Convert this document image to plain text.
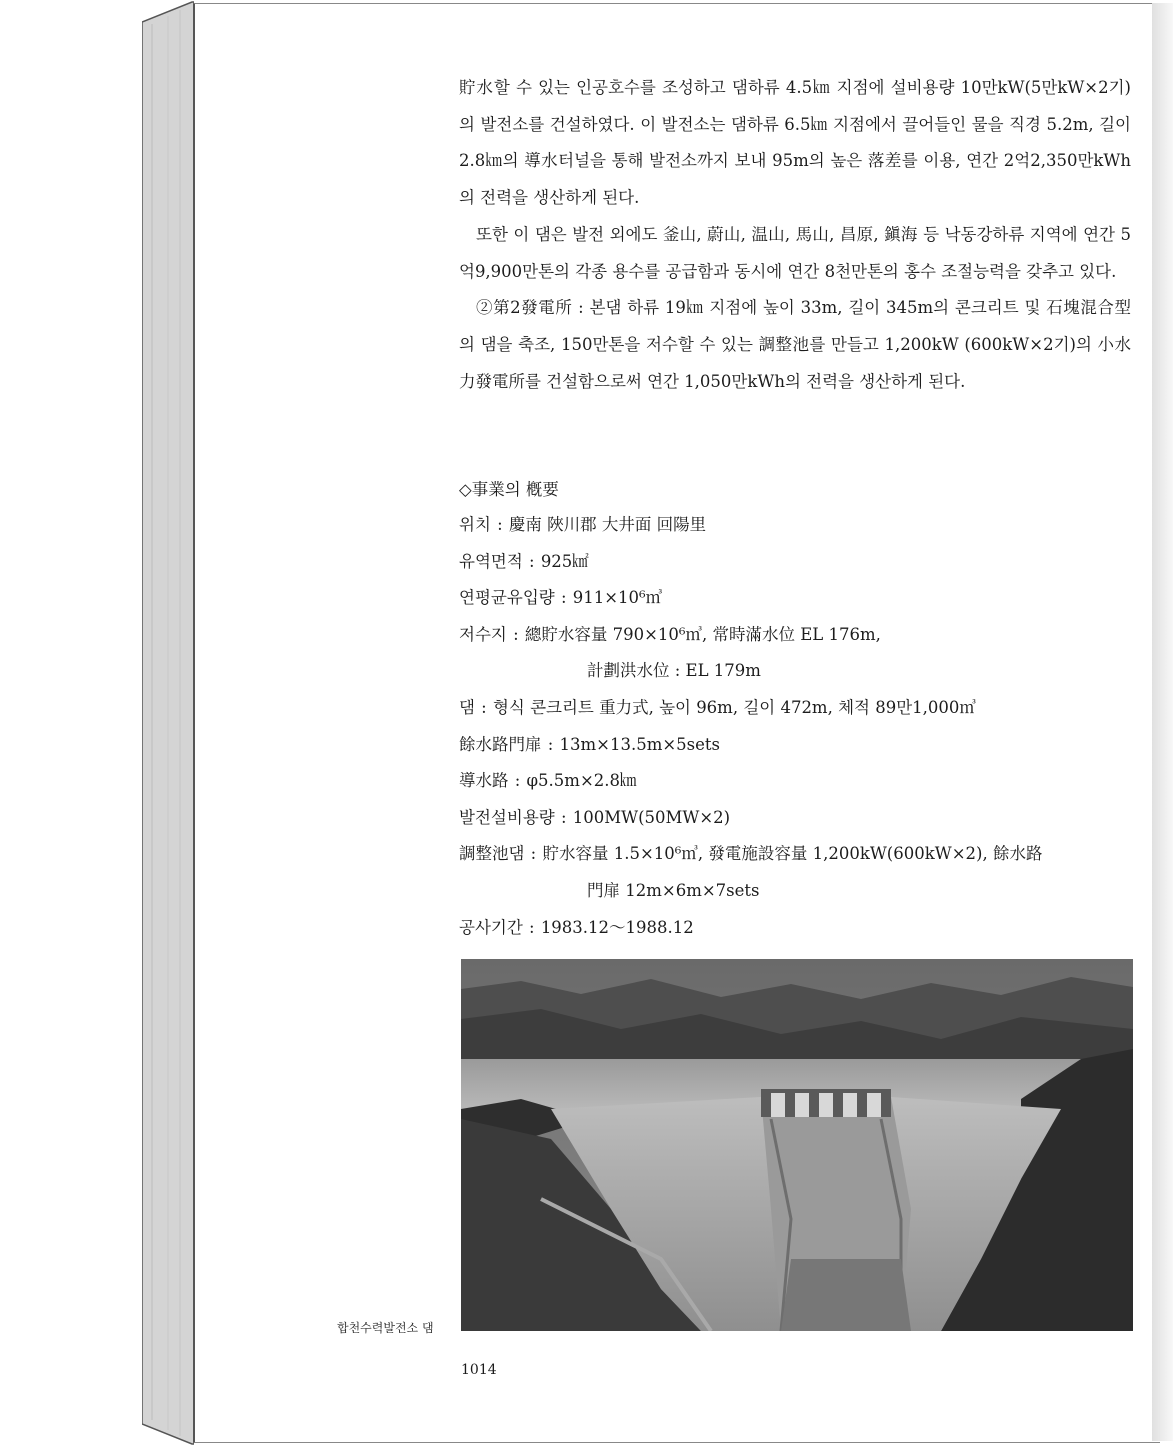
貯水할 수 있는 인공호수를 조성하고 댐하류 4.5㎞ 지점에 설비용량 10만kW(5만kW×2기)의 발전소를 건설하였다. 이 발전소는 댐하류 6.5㎞ 지점에서 끌어들인 물을 직경 5.2m, 길이 2.8㎞의 導水터널을 통해 발전소까지 보내 95m의 높은 落差를 이용, 연간 2억2,350만kWh의 전력을 생산하게 된다.

또한 이 댐은 발전 외에도 釜山, 蔚山, 温山, 馬山, 昌原, 鎭海 등 낙동강하류 지역에 연간 5억9,900만톤의 각종 용수를 공급함과 동시에 연간 8천만톤의 홍수 조절능력을 갖추고 있다.

②第2發電所 : 본댐 하류 19㎞ 지점에 높이 33m, 길이 345m의 콘크리트 및 石塊混合型의 댐을 축조, 150만톤을 저수할 수 있는 調整池를 만들고 1,200kW (600kW×2기)의 小水力發電所를 건설함으로써 연간 1,050만kWh의 전력을 생산하게 된다.

◇事業의 槪要
위 치 : 慶南 陜川郡 大井面 回陽里
유 역 면 적 : 925㎢
연 평 균 유 입 량 : 911×10⁶㎥
저 수 지 : 總貯水容量 790×10⁶㎥, 常時滿水位 EL 176m,
計劃洪水位 : EL 179m
댐 : 형식 콘크리트 重力式, 높이 96m, 길이 472m, 체적 89만1,000㎥
餘 水 路 門 扉 : 13m×13.5m×5sets
導 水 路 : φ5.5m×2.8㎞
발 전 설 비 용 량 : 100MW(50MW×2)
調 整 池 댐 : 貯水容量 1.5×10⁶㎥, 發電施設容量 1,200kW(600kW×2), 餘水路
門扉 12m×6m×7sets
공 사 기 간 : 1983.12～1988.12
합천수력발전소 댐
1014
